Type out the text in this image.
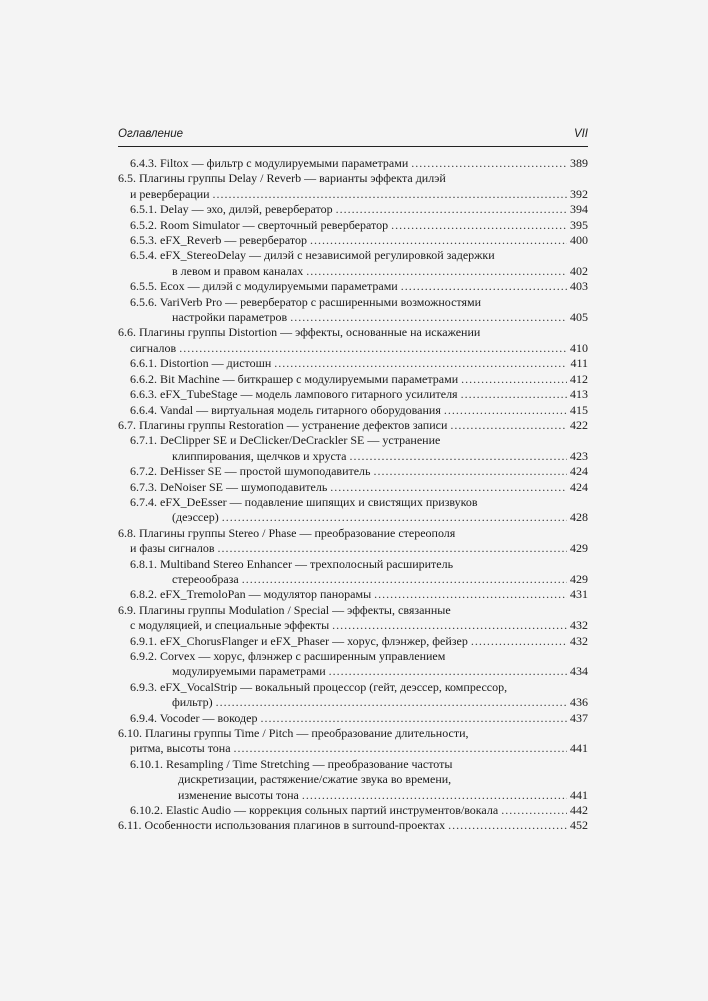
Оглавление	VII
6.4.3. Filtox — фильтр с модулируемыми параметрами .....	389
6.5. Плагины группы Delay / Reverb — варианты эффекта дилэй
и реверберации .....	392
6.5.1. Delay — эхо, дилэй, ревербератор .....	394
6.5.2. Room Simulator — сверточный ревербератор .....	395
6.5.3. eFX_Reverb — ревербератор .....	400
6.5.4. eFX_StereoDelay — дилэй с независимой регулировкой задержки
в левом и правом каналах .....	402
6.5.5. Ecox — дилэй с модулируемыми параметрами .....	403
6.5.6. VariVerb Pro — ревербератор с расширенными возможностями
настройки параметров .....	405
6.6. Плагины группы Distortion — эффекты, основанные на искажении
сигналов .....	410
6.6.1. Distortion — дистошн .....	411
6.6.2. Bit Machine — биткрашер с модулируемыми параметрами .....	412
6.6.3. eFX_TubeStage — модель лампового гитарного усилителя .....	413
6.6.4. Vandal — виртуальная модель гитарного оборудования .....	415
6.7. Плагины группы Restoration — устранение дефектов записи .....	422
6.7.1. DeClipper SE и DeClicker/DeCrackler SE — устранение
клиппирования, щелчков и хруста .....	423
6.7.2. DeHisser SE — простой шумоподавитель .....	424
6.7.3. DeNoiser SE — шумоподавитель .....	424
6.7.4. eFX_DeEsser — подавление шипящих и свистящих призвуков
(деэссер) .....	428
6.8. Плагины группы Stereo / Phase — преобразование стереополя
и фазы сигналов .....	429
6.8.1. Multiband Stereo Enhancer — трехполосный расширитель
стереообраза .....	429
6.8.2. eFX_TremoloPan — модулятор панорамы .....	431
6.9. Плагины группы Modulation / Special — эффекты, связанные
с модуляцией, и специальные эффекты .....	432
6.9.1. eFX_ChorusFlanger и eFX_Phaser — хорус, флэнжер, фейзер .....	432
6.9.2. Corvex — хорус, флэнжер с расширенным управлением
модулируемыми параметрами .....	434
6.9.3. eFX_VocalStrip — вокальный процессор (гейт, деэссер, компрессор,
фильтр) .....	436
6.9.4. Vocoder — вокодер .....	437
6.10. Плагины группы Time / Pitch — преобразование длительности,
ритма, высоты тона .....	441
6.10.1. Resampling / Time Stretching — преобразование частоты
дискретизации, растяжение/сжатие звука во времени,
изменение высоты тона .....	441
6.10.2. Elastic Audio — коррекция сольных партий инструментов/вокала .....	442
6.11. Особенности использования плагинов в surround-проектах .....	452
